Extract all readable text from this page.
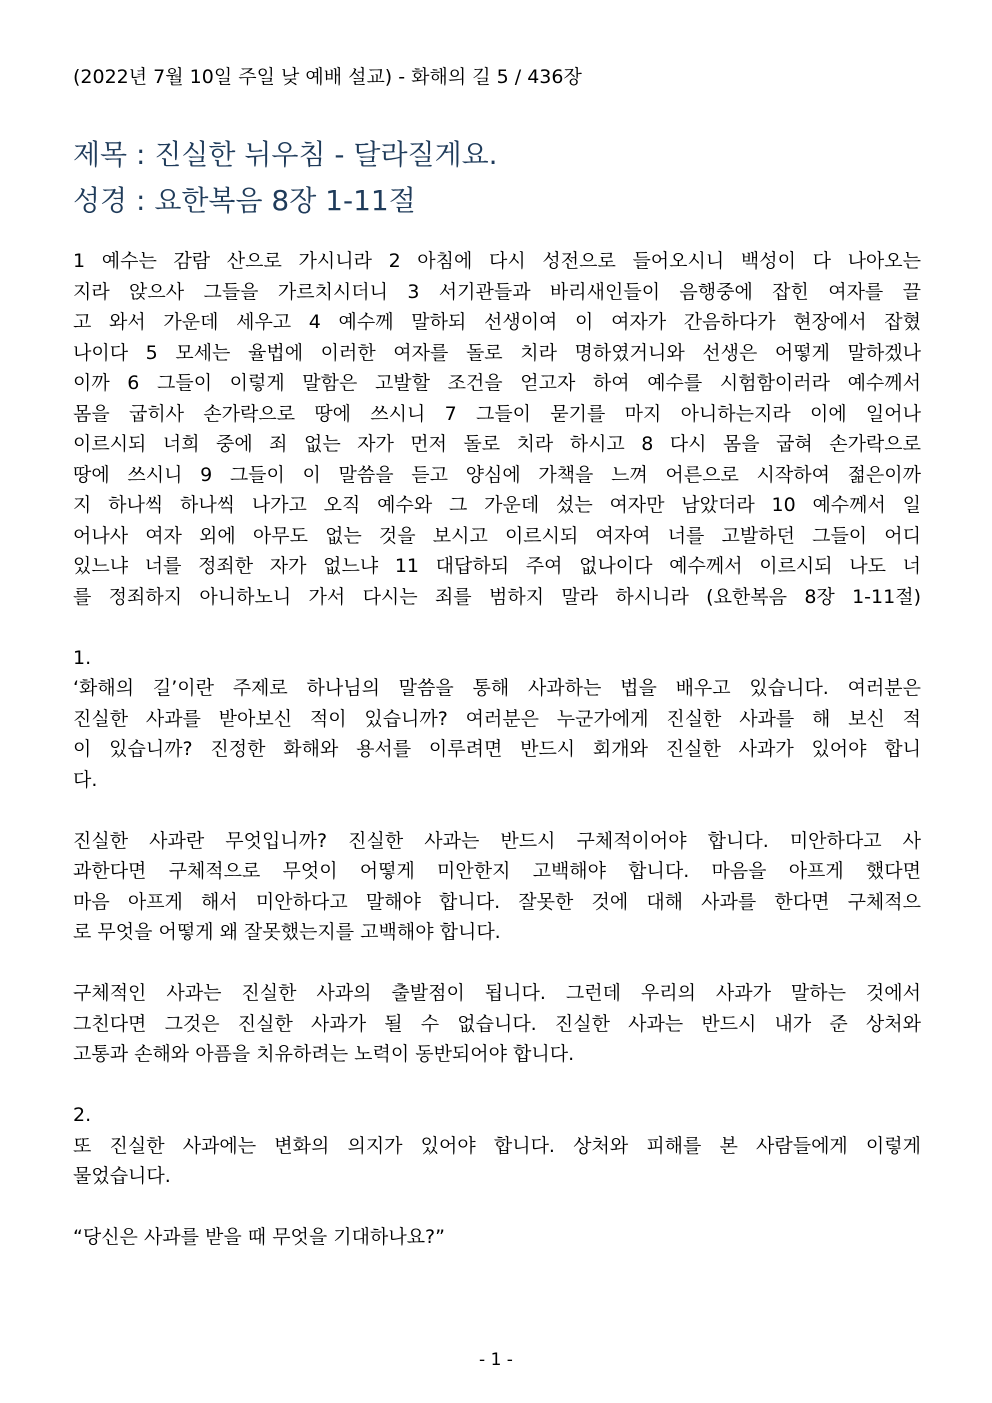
(2022년 7월 10일 주일 낮 예배 설교) - 화해의 길 5 / 436장

제목 : 진실한 뉘우침 - 달라질게요.

성경 : 요한복음 8장 1-11절

1 예수는 감람 산으로 가시니라 2 아침에 다시 성전으로 들어오시니 백성이 다 나아오는
지라 앉으사 그들을 가르치시더니 3 서기관들과 바리새인들이 음행중에 잡힌 여자를 끌
고 와서 가운데 세우고 4 예수께 말하되 선생이여 이 여자가 간음하다가 현장에서 잡혔
나이다 5 모세는 율법에 이러한 여자를 돌로 치라 명하였거니와 선생은 어떻게 말하겠나
이까 6 그들이 이렇게 말함은 고발할 조건을 얻고자 하여 예수를 시험함이러라 예수께서
몸을 굽히사 손가락으로 땅에 쓰시니 7 그들이 묻기를 마지 아니하는지라 이에 일어나
이르시되 너희 중에 죄 없는 자가 먼저 돌로 치라 하시고 8 다시 몸을 굽혀 손가락으로
땅에 쓰시니 9 그들이 이 말씀을 듣고 양심에 가책을 느껴 어른으로 시작하여 젊은이까
지 하나씩 하나씩 나가고 오직 예수와 그 가운데 섰는 여자만 남았더라 10 예수께서 일
어나사 여자 외에 아무도 없는 것을 보시고 이르시되 여자여 너를 고발하던 그들이 어디
있느냐 너를 정죄한 자가 없느냐 11 대답하되 주여 없나이다 예수께서 이르시되 나도 너
를 정죄하지 아니하노니 가서 다시는 죄를 범하지 말라 하시니라 (요한복음 8장 1-11절)

1.

‘화해의 길’이란 주제로 하나님의 말씀을 통해 사과하는 법을 배우고 있습니다. 여러분은
진실한 사과를 받아보신 적이 있습니까? 여러분은 누군가에게 진실한 사과를 해 보신 적
이 있습니까? 진정한 화해와 용서를 이루려면 반드시 회개와 진실한 사과가 있어야 합니
다.

진실한 사과란 무엇입니까? 진실한 사과는 반드시 구체적이어야 합니다. 미안하다고 사
과한다면 구체적으로 무엇이 어떻게 미안한지 고백해야 합니다. 마음을 아프게 했다면
마음 아프게 해서 미안하다고 말해야 합니다. 잘못한 것에 대해 사과를 한다면 구체적으
로 무엇을 어떻게 왜 잘못했는지를 고백해야 합니다.

구체적인 사과는 진실한 사과의 출발점이 됩니다. 그런데 우리의 사과가 말하는 것에서
그친다면 그것은 진실한 사과가 될 수 없습니다. 진실한 사과는 반드시 내가 준 상처와
고통과 손해와 아픔을 치유하려는 노력이 동반되어야 합니다.

2.

또 진실한 사과에는 변화의 의지가 있어야 합니다. 상처와 피해를 본 사람들에게 이렇게
물었습니다.

“당신은 사과를 받을 때 무엇을 기대하나요?”

- 1 -
